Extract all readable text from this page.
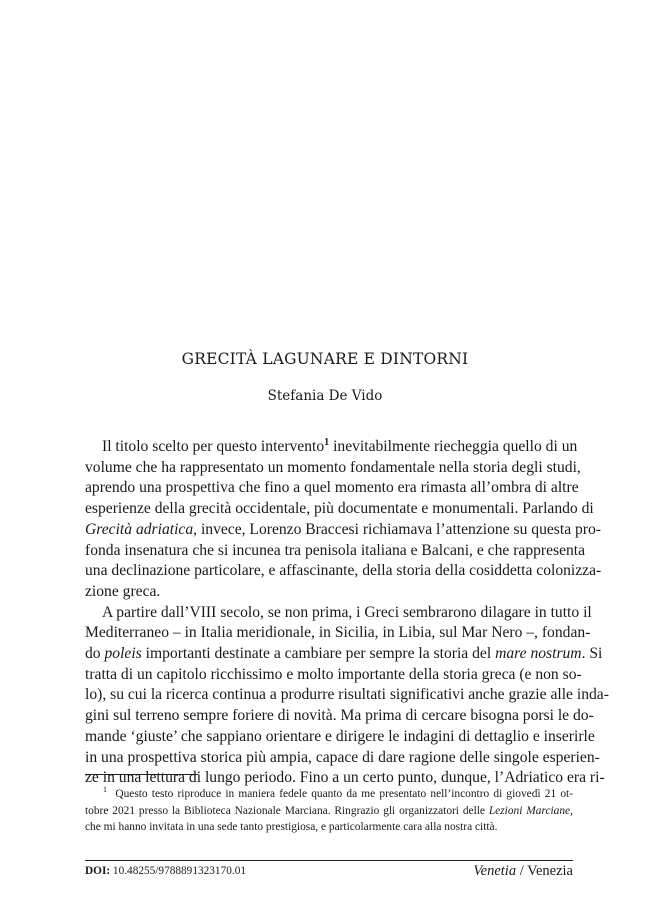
GRECITÀ LAGUNARE E DINTORNI
Stefania De Vido
Il titolo scelto per questo intervento$^1$ inevitabilmente riecheggia quello di un
volume che ha rappresentato un momento fondamentale nella storia degli studi,
aprendo una prospettiva che fino a quel momento era rimasta all’ombra di altre
esperienze della grecità occidentale, più documentate e monumentali. Parlando di
Grecità adriatica, invece, Lorenzo Braccesi richiamava l’attenzione su questa pro-
fonda insenatura che si incunea tra penisola italiana e Balcani, e che rappresenta
una declinazione particolare, e affascinante, della storia della cosiddetta colonizza-
zione greca.
A partire dall’VIII secolo, se non prima, i Greci sembrarono dilagare in tutto il
Mediterraneo – in Italia meridionale, in Sicilia, in Libia, sul Mar Nero –, fondan-
do poleis importanti destinate a cambiare per sempre la storia del mare nostrum. Si
tratta di un capitolo ricchissimo e molto importante della storia greca (e non so-
lo), su cui la ricerca continua a produrre risultati significativi anche grazie alle inda-
gini sul terreno sempre foriere di novità. Ma prima di cercare bisogna porsi le do-
mande ‘giuste’ che sappiano orientare e dirigere le indagini di dettaglio e inserirle
in una prospettiva storica più ampia, capace di dare ragione delle singole esperien-
ze in una lettura di lungo periodo. Fino a un certo punto, dunque, l’Adriatico era ri-
$^1$ Questo testo riproduce in maniera fedele quanto da me presentato nell’incontro di giovedì 21 ot-
tobre 2021 presso la Biblioteca Nazionale Marciana. Ringrazio gli organizzatori delle Lezioni Marciane,
che mi hanno invitata in una sede tanto prestigiosa, e particolarmente cara alla nostra città.
DOI: 10.48255/9788891323170.01	Venetia / Venezia
